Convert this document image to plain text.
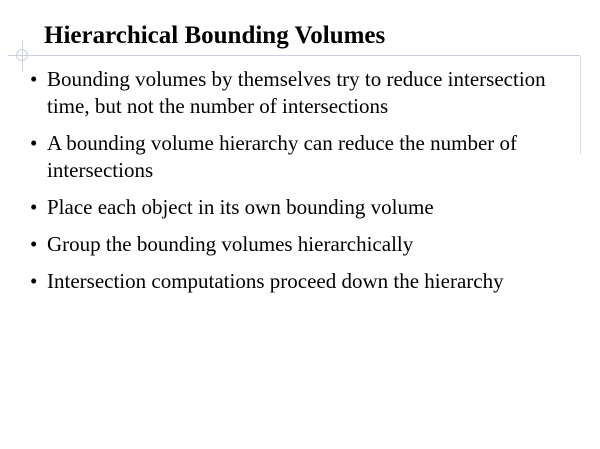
Hierarchical Bounding Volumes
• Bounding volumes by themselves try to reduce intersection time, but not the number of intersections
• A bounding volume hierarchy can reduce the number of intersections
• Place each object in its own bounding volume
• Group the bounding volumes hierarchically
• Intersection computations proceed down the hierarchy
